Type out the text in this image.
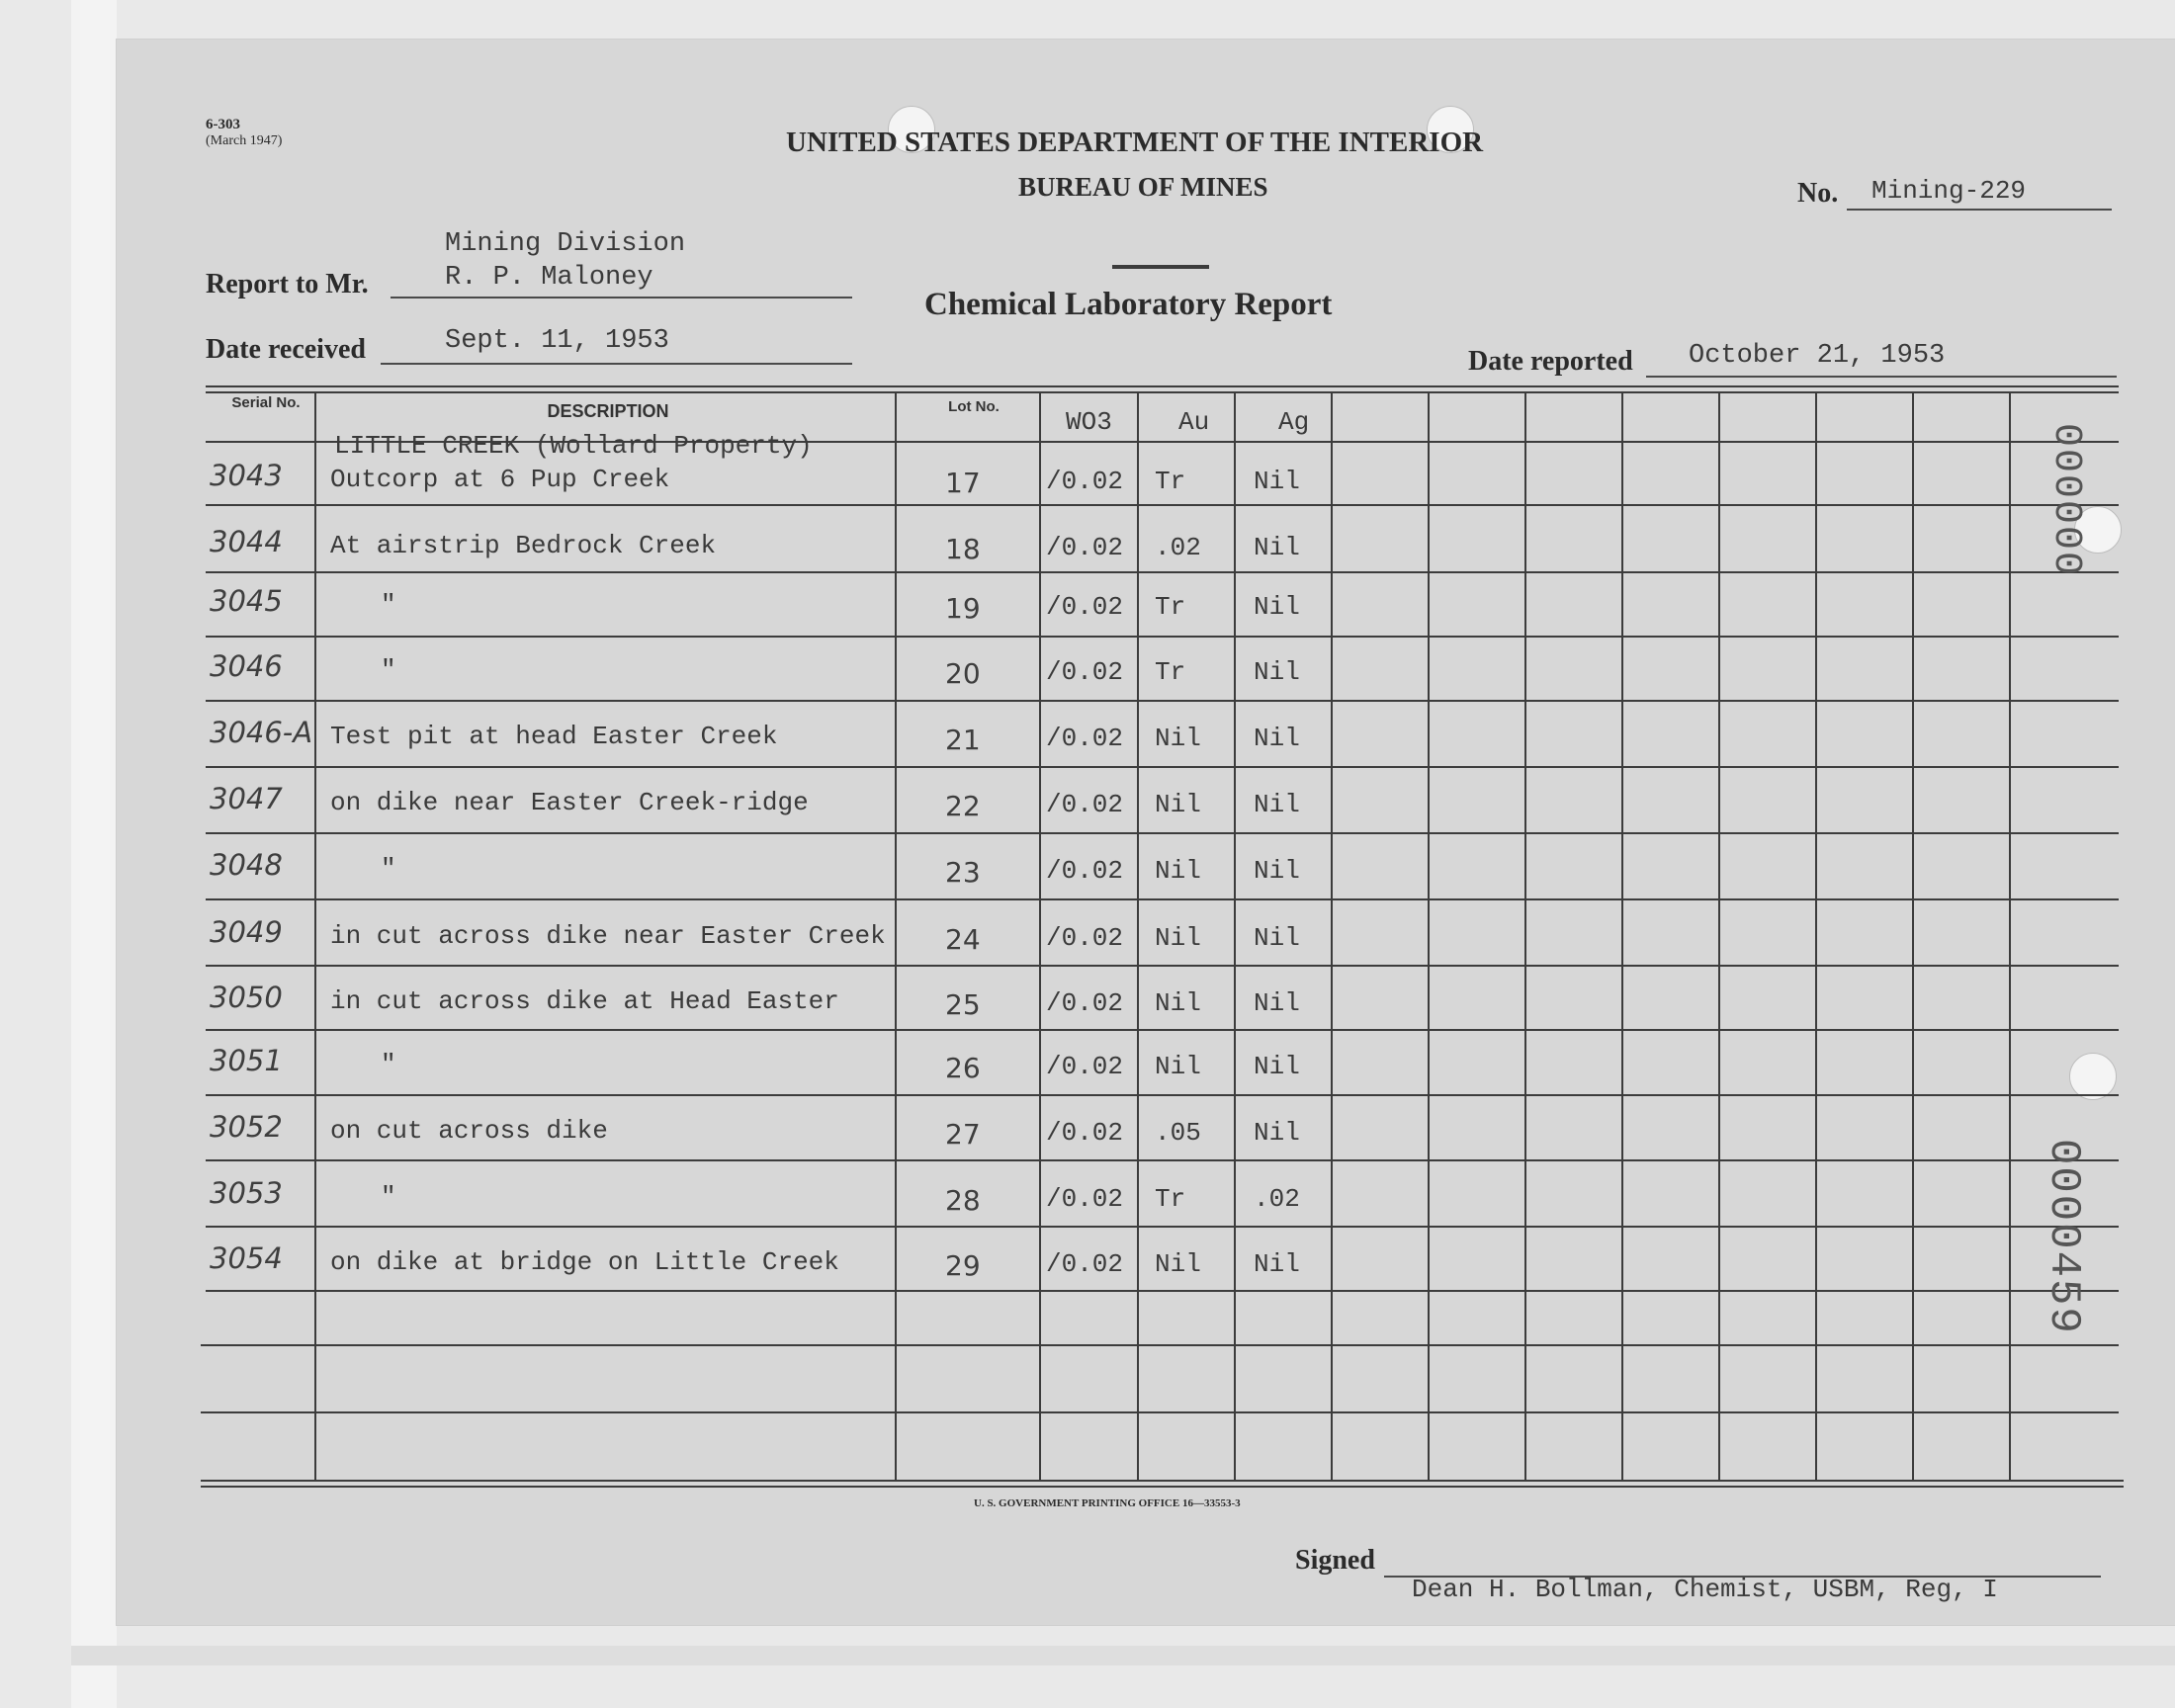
6-303
(March 1947)	UNITED STATES DEPARTMENT OF THE INTERIOR
BUREAU OF MINES
Chemical Laboratory Report
No. Mining-229
Mining Division
Report to Mr.	R. P. Maloney
Date received	Sept. 11, 1953
Date reported October 21, 1953
Serial No.	DESCRIPTION	Lot No.
WO3	Au	Ag
LITTLE CREEK (Wollard Property)
3043 Outcorp at 6 Pup Creek	17	/0.02 Tr	Nil
3044 At airstrip Bedrock Creek	18	/0.02 .02 Nil
3045	"	19	/0.02 Tr	Nil
3046	"	20	/0.02 Tr	Nil
3046-A Test pit at head Easter Creek	21	/0.02 Nil Nil
3047 on dike near Easter Creek-ridge	22	/0.02 Nil Nil
3048	"	23	/0.02 Nil Nil
3049 in cut across dike near Easter Creek 24	/0.02 Nil Nil
3050 in cut across dike at Head Easter	25	/0.02 Nil Nil
3051	"	26	/0.02 Nil Nil
3052 on cut across dike	27	/0.02 .05 Nil
3053	"	28	/0.02 Tr	.02
3054 on dike at bridge on Little Creek	29	/0.02 Nil Nil
000000
0000459
U. S. GOVERNMENT PRINTING OFFICE 16—33553-3
Signed
Dean H. Bollman, Chemist, USBM, Reg, I
